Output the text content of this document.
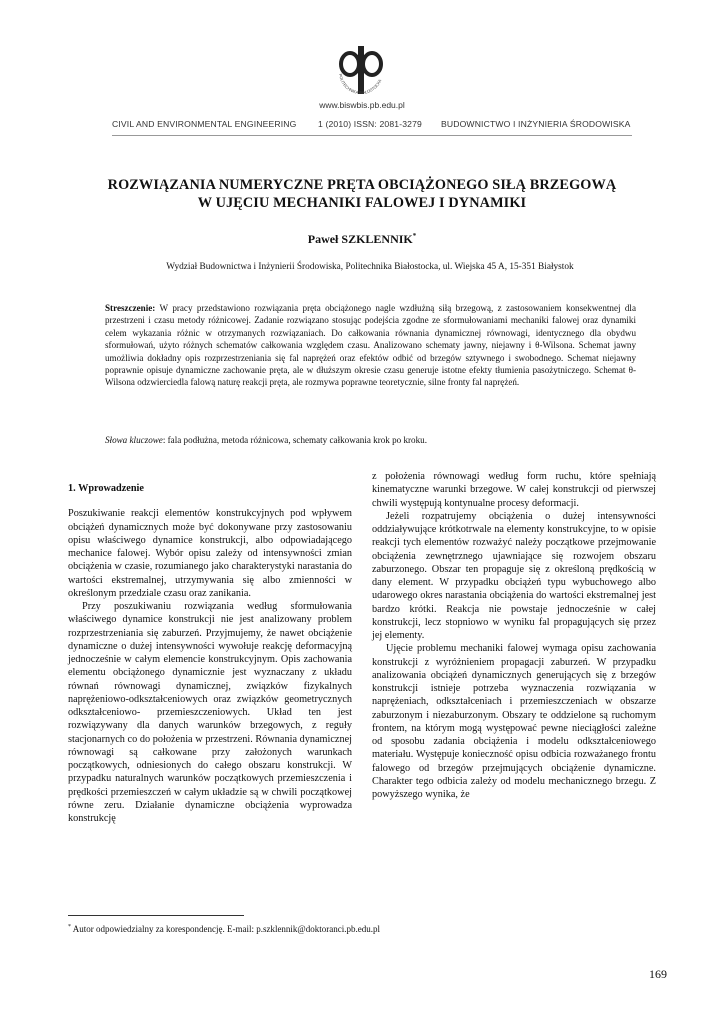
POLITECHNIKA BIAŁOSTOCKA
www.biswbis.pb.edu.pl
CIVIL AND ENVIRONMENTAL ENGINEERING	1 (2010) ISSN: 2081-3279 BUDOWNICTWO I INŻYNIERIA ŚRODOWISKA
ROZWIĄZANIA NUMERYCZNE PRĘTA OBCIĄŻONEGO SIŁĄ BRZEGOWĄ
W UJĘCIU MECHANIKI FALOWEJ I DYNAMIKI
Paweł SZKLENNIK*
Wydział Budownictwa i Inżynierii Środowiska, Politechnika Białostocka, ul. Wiejska 45 A, 15-351 Białystok
Streszczenie: W pracy przedstawiono rozwiązania pręta obciążonego nagle wzdłużną siłą brzegową, z zastosowaniem konsekwentnej dla przestrzeni i czasu metody różnicowej. Zadanie rozwiązano stosując podejścia zgodne ze sformułowaniami mechaniki falowej oraz dynamiki celem wykazania różnic w otrzymanych rozwiązaniach. Do całkowania równania dynamicznej równowagi, identycznego dla obydwu sformułowań, użyto różnych schematów całkowania względem czasu. Analizowano schematy jawny, niejawny i θ-Wilsona. Schemat jawny umożliwia dokładny opis rozprzestrzeniania się fal naprężeń oraz efektów odbić od brzegów sztywnego i swobodnego. Schemat niejawny poprawnie opisuje dynamiczne zachowanie pręta, ale w dłuższym okresie czasu generuje istotne efekty tłumienia pasożytniczego. Schemat θ-Wilsona odzwierciedla falową naturę reakcji pręta, ale rozmywa poprawne teoretycznie, silne fronty fal naprężeń.
Słowa kluczowe: fala podłużna, metoda różnicowa, schematy całkowania krok po kroku.
1. Wprowadzenie

Poszukiwanie reakcji elementów konstrukcyjnych pod wpływem obciążeń dynamicznych może być dokonywane przy zastosowaniu opisu właściwego dynamice konstrukcji, albo odpowiadającego mechanice falowej. Wybór opisu zależy od intensywności zmian obciążenia w czasie, rozumianego jako charakterystyki narastania do wartości ekstremalnej, utrzymywania się albo zmienności w określonym przedziale czasu oraz zanikania.

Przy poszukiwaniu rozwiązania według sformułowania właściwego dynamice konstrukcji nie jest analizowany problem rozprzestrzeniania się zaburzeń. Przyjmujemy, że nawet obciążenie dynamiczne o dużej intensywności wywołuje reakcję deformacyjną jednocześnie w całym elemencie konstrukcyjnym. Opis zachowania elementu obciążonego dynamicznie jest wyznaczany z układu równań równowagi dynamicznej, związków fizykalnych naprężeniowo-odkształceniowych oraz związków geometrycznych odkształceniowo- przemieszczeniowych. Układ ten jest rozwiązywany dla danych warunków brzegowych, z reguły stacjonarnych co do położenia w przestrzeni. Równania dynamicznej równowagi są całkowane przy założonych warunkach początkowych, odniesionych do całego obszaru konstrukcji. W przypadku naturalnych warunków początkowych przemieszczenia i prędkości przemieszczeń w całym układzie są w chwili początkowej równe zeru. Działanie dynamiczne obciążenia wyprowadza konstrukcję

z położenia równowagi według form ruchu, które spełniają kinematyczne warunki brzegowe. W całej konstrukcji od pierwszej chwili występują kontynualne procesy deformacji.

Jeżeli rozpatrujemy obciążenia o dużej intensywności oddziaływujące krótkotrwale na elementy konstrukcyjne, to w opisie reakcji tych elementów rozważyć należy początkowe przejmowanie obciążenia zewnętrznego ujawniające się rozwojem obszaru zaburzonego. Obszar ten propaguje się z określoną prędkością w dany element. W przypadku obciążeń typu wybuchowego albo udarowego okres narastania obciążenia do wartości ekstremalnej jest bardzo krótki. Reakcja nie powstaje jednocześnie w całej konstrukcji, lecz stopniowo w wyniku fal propagujących się przez jej elementy.

Ujęcie problemu mechaniki falowej wymaga opisu zachowania konstrukcji z wyróżnieniem propagacji zaburzeń. W przypadku analizowania obciążeń dynamicznych generujących się z brzegów konstrukcji istnieje potrzeba wyznaczenia rozwiązania w naprężeniach, odkształceniach i przemieszczeniach w obszarze zaburzonym i niezaburzonym. Obszary te oddzielone są ruchomym frontem, na którym mogą występować pewne nieciągłości zależne od sposobu zadania obciążenia i modelu odkształceniowego materiału. Występuje konieczność opisu odbicia rozważanego frontu falowego od brzegów przejmujących obciążenie dynamiczne. Charakter tego odbicia zależy od modelu mechanicznego brzegu. Z powyższego wynika, że

* Autor odpowiedzialny za korespondencję. E-mail: p.szklennik@doktoranci.pb.edu.pl
169
